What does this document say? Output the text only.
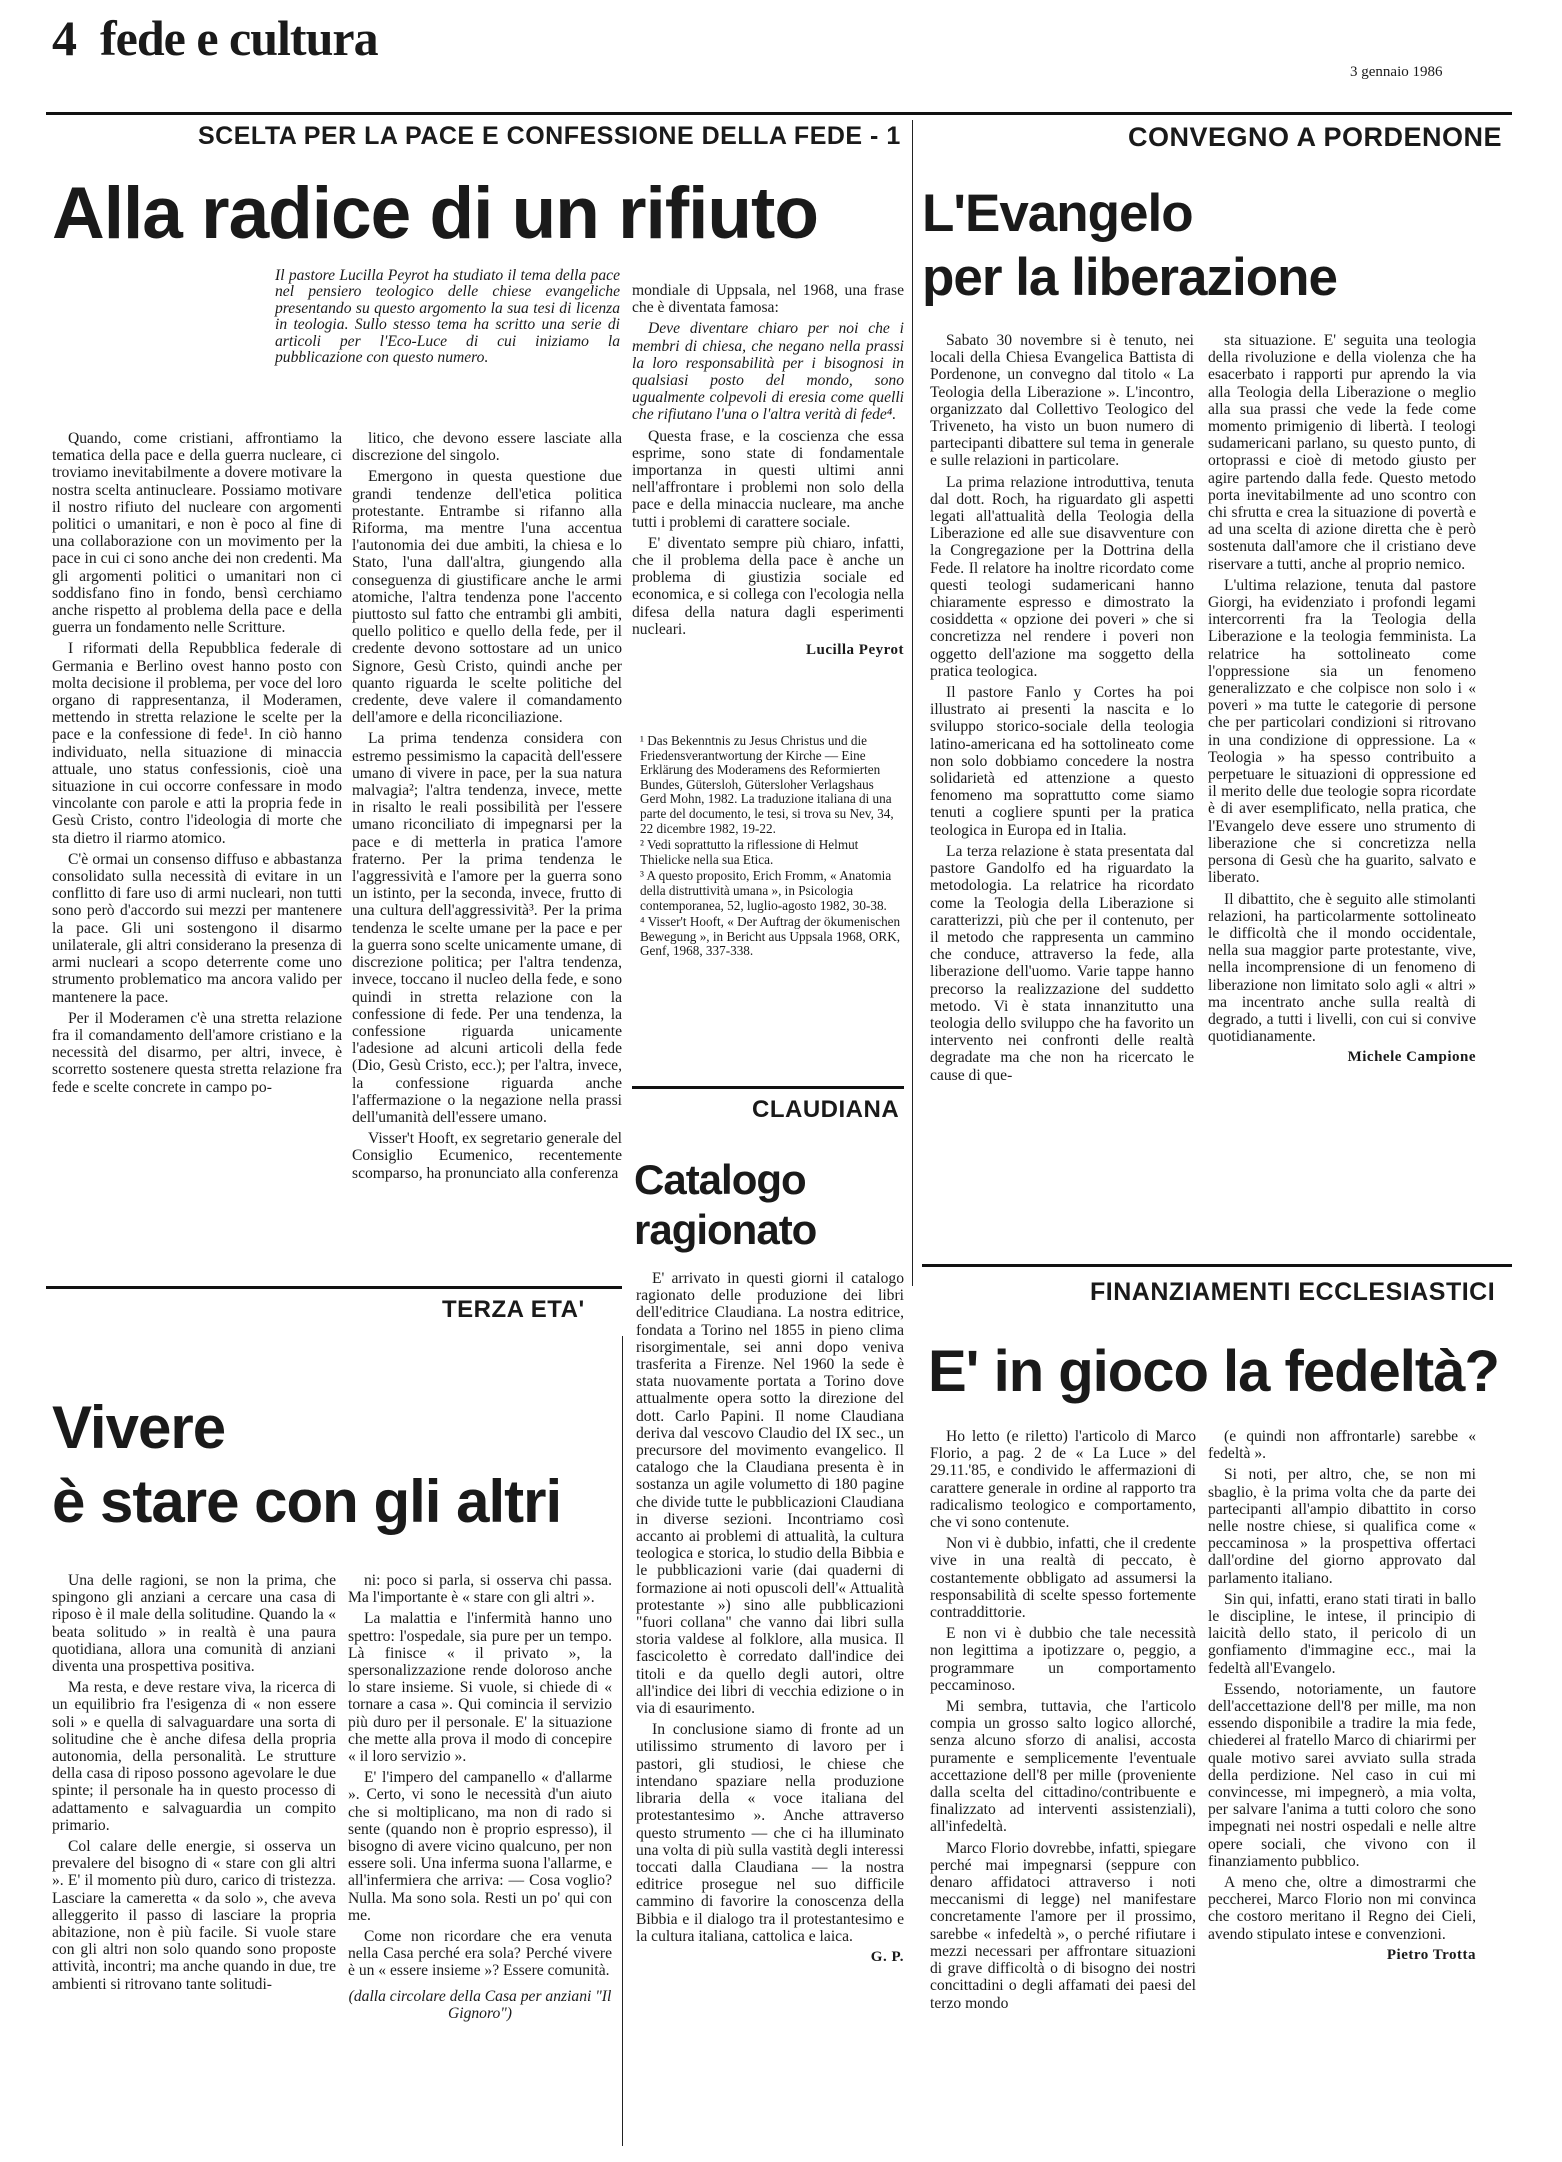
4 fede e cultura
3 gennaio 1986
SCELTA PER LA PACE E CONFESSIONE DELLA FEDE - 1
Alla radice di un rifiuto
Il pastore Lucilla Peyrot ha studiato il tema della pace nel pensiero teologico delle chiese evangeliche presentando su questo argomento la sua tesi di licenza in teologia. Sullo stesso tema ha scritto una serie di articoli per l'Eco-Luce di cui iniziamo la pubblicazione con questo numero.

Quando, come cristiani, affrontiamo la tematica della pace e della guerra nucleare, ci troviamo inevitabilmente a dovere motivare la nostra scelta antinucleare. Possiamo motivare il nostro rifiuto del nucleare con argomenti politici o umanitari, e non è poco al fine di una collaborazione con un movimento per la pace in cui ci sono anche dei non credenti. Ma gli argomenti politici o umanitari non ci soddisfano fino in fondo, bensì cerchiamo anche rispetto al problema della pace e della guerra un fondamento nelle Scritture.

I riformati della Repubblica federale di Germania e Berlino ovest hanno posto con molta decisione il problema, per voce del loro organo di rappresentanza, il Moderamen, mettendo in stretta relazione le scelte per la pace e la confessione di fede¹. In ciò hanno individuato, nella situazione di minaccia attuale, uno status confessionis, cioè una situazione in cui occorre confessare in modo vincolante con parole e atti la propria fede in Gesù Cristo, contro l'ideologia di morte che sta dietro il riarmo atomico.

C'è ormai un consenso diffuso e abbastanza consolidato sulla necessità di evitare in un conflitto di fare uso di armi nucleari, non tutti sono però d'accordo sui mezzi per mantenere la pace. Gli uni sostengono il disarmo unilaterale, gli altri considerano la presenza di armi nucleari a scopo deterrente come uno strumento problematico ma ancora valido per mantenere la pace.

Per il Moderamen c'è una stretta relazione fra il comandamento dell'amore cristiano e la necessità del disarmo, per altri, invece, è scorretto sostenere questa stretta relazione fra fede e scelte concrete in campo po-

litico, che devono essere lasciate alla discrezione del singolo.

Emergono in questa questione due grandi tendenze dell'etica politica protestante. Entrambe si rifanno alla Riforma, ma mentre l'una accentua l'autonomia dei due ambiti, la chiesa e lo Stato, l'una dall'altra, giungendo alla conseguenza di giustificare anche le armi atomiche, l'altra tendenza pone l'accento piuttosto sul fatto che entrambi gli ambiti, quello politico e quello della fede, per il credente devono sottostare ad un unico Signore, Gesù Cristo, quindi anche per quanto riguarda le scelte politiche del credente, deve valere il comandamento dell'amore e della riconciliazione.

La prima tendenza considera con estremo pessimismo la capacità dell'essere umano di vivere in pace, per la sua natura malvagia²; l'altra tendenza, invece, mette in risalto le reali possibilità per l'essere umano riconciliato di impegnarsi per la pace e di metterla in pratica l'amore fraterno. Per la prima tendenza le l'aggressività e l'amore per la guerra sono un istinto, per la seconda, invece, frutto di una cultura dell'aggressività³. Per la prima tendenza le scelte umane per la pace e per la guerra sono scelte unicamente umane, di discrezione politica; per l'altra tendenza, invece, toccano il nucleo della fede, e sono quindi in stretta relazione con la confessione di fede. Per una tendenza, la confessione riguarda unicamente l'adesione ad alcuni articoli della fede (Dio, Gesù Cristo, ecc.); per l'altra, invece, la confessione riguarda anche l'affermazione o la negazione nella prassi dell'umanità dell'essere umano.

Visser't Hooft, ex segretario generale del Consiglio Ecumenico, recentemente scomparso, ha pronunciato alla conferenza

mondiale di Uppsala, nel 1968, una frase che è diventata famosa:

Deve diventare chiaro per noi che i membri di chiesa, che negano nella prassi la loro responsabilità per i bisognosi in qualsiasi posto del mondo, sono ugualmente colpevoli di eresia come quelli che rifiutano l'una o l'altra verità di fede⁴.

Questa frase, e la coscienza che essa esprime, sono state di fondamentale importanza in questi ultimi anni nell'affrontare i problemi non solo della pace e della minaccia nucleare, ma anche tutti i problemi di carattere sociale.

E' diventato sempre più chiaro, infatti, che il problema della pace è anche un problema di giustizia sociale ed economica, e si collega con l'ecologia nella difesa della natura dagli esperimenti nucleari.

Lucilla Peyrot
¹ Das Bekenntnis zu Jesus Christus und die Friedensverantwortung der Kirche — Eine Erklärung des Moderamens des Reformierten Bundes, Gütersloh, Gütersloher Verlagshaus Gerd Mohn, 1982. La traduzione italiana di una parte del documento, le tesi, si trova su Nev, 34, 22 dicembre 1982, 19-22.
² Vedi soprattutto la riflessione di Helmut Thielicke nella sua Etica.
³ A questo proposito, Erich Fromm, « Anatomia della distruttività umana », in Psicologia contemporanea, 52, luglio-agosto 1982, 30-38.
⁴ Visser't Hooft, « Der Auftrag der ökumenischen Bewegung », in Bericht aus Uppsala 1968, ORK, Genf, 1968, 337-338.
CONVEGNO A PORDENONE
L'Evangelo
per la liberazione

Sabato 30 novembre si è tenuto, nei locali della Chiesa Evangelica Battista di Pordenone, un convegno dal titolo « La Teologia della Liberazione ». L'incontro, organizzato dal Collettivo Teologico del Triveneto, ha visto un buon numero di partecipanti dibattere sul tema in generale e sulle relazioni in particolare.

La prima relazione introduttiva, tenuta dal dott. Roch, ha riguardato gli aspetti legati all'attualità della Teologia della Liberazione ed alle sue disavventure con la Congregazione per la Dottrina della Fede. Il relatore ha inoltre ricordato come questi teologi sudamericani hanno chiaramente espresso e dimostrato la cosiddetta « opzione dei poveri » che si concretizza nel rendere i poveri non oggetto dell'azione ma soggetto della pratica teologica.

Il pastore Fanlo y Cortes ha poi illustrato ai presenti la nascita e lo sviluppo storico-sociale della teologia latino-americana ed ha sottolineato come non solo dobbiamo concedere la nostra solidarietà ed attenzione a questo fenomeno ma soprattutto come siamo tenuti a cogliere spunti per la pratica teologica in Europa ed in Italia.

La terza relazione è stata presentata dal pastore Gandolfo ed ha riguardato la metodologia. La relatrice ha ricordato come la Teologia della Liberazione si caratterizzi, più che per il contenuto, per il metodo che rappresenta un cammino che conduce, attraverso la fede, alla liberazione dell'uomo. Varie tappe hanno precorso la realizzazione del suddetto metodo. Vi è stata innanzitutto una teologia dello sviluppo che ha favorito un intervento nei confronti delle realtà degradate ma che non ha ricercato le cause di que-

sta situazione. E' seguita una teologia della rivoluzione e della violenza che ha esacerbato i rapporti pur aprendo la via alla Teologia della Liberazione o meglio alla sua prassi che vede la fede come momento primigenio di libertà. I teologi sudamericani parlano, su questo punto, di ortoprassi e cioè di metodo giusto per agire partendo dalla fede. Questo metodo porta inevitabilmente ad uno scontro con chi sfrutta e crea la situazione di povertà e ad una scelta di azione diretta che è però sostenuta dall'amore che il cristiano deve riservare a tutti, anche al proprio nemico.

L'ultima relazione, tenuta dal pastore Giorgi, ha evidenziato i profondi legami intercorrenti fra la Teologia della Liberazione e la teologia femminista. La relatrice ha sottolineato come l'oppressione sia un fenomeno generalizzato e che colpisce non solo i « poveri » ma tutte le categorie di persone che per particolari condizioni si ritrovano in una condizione di oppressione. La « Teologia » ha spesso contribuito a perpetuare le situazioni di oppressione ed il merito delle due teologie sopra ricordate è di aver esemplificato, nella pratica, che l'Evangelo deve essere uno strumento di liberazione che si concretizza nella persona di Gesù che ha guarito, salvato e liberato.

Il dibattito, che è seguito alle stimolanti relazioni, ha particolarmente sottolineato le difficoltà che il mondo occidentale, nella sua maggior parte protestante, vive, nella incomprensione di un fenomeno di liberazione non limitato solo agli « altri » ma incentrato anche sulla realtà di degrado, a tutti i livelli, con cui si convive quotidianamente.

Michele Campione
CLAUDIANA
Catalogo
ragionato

E' arrivato in questi giorni il catalogo ragionato delle produzione dei libri dell'editrice Claudiana. La nostra editrice, fondata a Torino nel 1855 in pieno clima risorgimentale, sei anni dopo veniva trasferita a Firenze. Nel 1960 la sede è stata nuovamente portata a Torino dove attualmente opera sotto la direzione del dott. Carlo Papini. Il nome Claudiana deriva dal vescovo Claudio del IX sec., un precursore del movimento evangelico. Il catalogo che la Claudiana presenta è in sostanza un agile volumetto di 180 pagine che divide tutte le pubblicazioni Claudiana in diverse sezioni. Incontriamo così accanto ai problemi di attualità, la cultura teologica e storica, lo studio della Bibbia e le pubblicazioni varie (dai quaderni di formazione ai noti opuscoli dell'« Attualità protestante ») sino alle pubblicazioni "fuori collana" che vanno dai libri sulla storia valdese al folklore, alla musica. Il fascicoletto è corredato dall'indice dei titoli e da quello degli autori, oltre all'indice dei libri di vecchia edizione o in via di esaurimento.

In conclusione siamo di fronte ad un utilissimo strumento di lavoro per i pastori, gli studiosi, le chiese che intendano spaziare nella produzione libraria della « voce italiana del protestantesimo ». Anche attraverso questo strumento — che ci ha illuminato una volta di più sulla vastità degli interessi toccati dalla Claudiana — la nostra editrice prosegue nel suo difficile cammino di favorire la conoscenza della Bibbia e il dialogo tra il protestantesimo e la cultura italiana, cattolica e laica.

G. P.
TERZA ETA'
Vivere
è stare con gli altri

Una delle ragioni, se non la prima, che spingono gli anziani a cercare una casa di riposo è il male della solitudine. Quando la « beata solitudo » in realtà è una paura quotidiana, allora una comunità di anziani diventa una prospettiva positiva.

Ma resta, e deve restare viva, la ricerca di un equilibrio fra l'esigenza di « non essere soli » e quella di salvaguardare una sorta di solitudine che è anche difesa della propria autonomia, della personalità. Le strutture della casa di riposo possono agevolare le due spinte; il personale ha in questo processo di adattamento e salvaguardia un compito primario.

Col calare delle energie, si osserva un prevalere del bisogno di « stare con gli altri ». E' il momento più duro, carico di tristezza. Lasciare la cameretta « da solo », che aveva alleggerito il passo di lasciare la propria abitazione, non è più facile. Si vuole stare con gli altri non solo quando sono proposte attività, incontri; ma anche quando in due, tre ambienti si ritrovano tante solitudi-

ni: poco si parla, si osserva chi passa. Ma l'importante è « stare con gli altri ».

La malattia e l'infermità hanno uno spettro: l'ospedale, sia pure per un tempo. Là finisce « il privato », la spersonalizzazione rende doloroso anche lo stare insieme. Si vuole, si chiede di « tornare a casa ». Qui comincia il servizio più duro per il personale. E' la situazione che mette alla prova il modo di concepire « il loro servizio ».

E' l'impero del campanello « d'allarme ». Certo, vi sono le necessità d'un aiuto che si moltiplicano, ma non di rado si sente (quando non è proprio espresso), il bisogno di avere vicino qualcuno, per non essere soli. Una inferma suona l'allarme, e all'infermiera che arriva: — Cosa voglio? Nulla. Ma sono sola. Resti un po' qui con me.

Come non ricordare che era venuta nella Casa perché era sola? Perché vivere è un « essere insieme »? Essere comunità.

(dalla circolare della Casa per anziani "Il Gignoro")
FINANZIAMENTI ECCLESIASTICI
E' in gioco la fedeltà?

Ho letto (e riletto) l'articolo di Marco Florio, a pag. 2 de « La Luce » del 29.11.'85, e condivido le affermazioni di carattere generale in ordine al rapporto tra radicalismo teologico e comportamento, che vi sono contenute.

Non vi è dubbio, infatti, che il credente vive in una realtà di peccato, è costantemente obbligato ad assumersi la responsabilità di scelte spesso fortemente contraddittorie.

E non vi è dubbio che tale necessità non legittima a ipotizzare o, peggio, a programmare un comportamento peccaminoso.

Mi sembra, tuttavia, che l'articolo compia un grosso salto logico allorché, senza alcuno sforzo di analisi, accosta puramente e semplicemente l'eventuale accettazione dell'8 per mille (proveniente dalla scelta del cittadino/contribuente e finalizzato ad interventi assistenziali), all'infedeltà.

Marco Florio dovrebbe, infatti, spiegare perché mai impegnarsi (seppure con denaro affidatoci attraverso i noti meccanismi di legge) nel manifestare concretamente l'amore per il prossimo, sarebbe « infedeltà », o perché rifiutare i mezzi necessari per affrontare situazioni di grave difficoltà o di bisogno dei nostri concittadini o degli affamati dei paesi del terzo mondo

(e quindi non affrontarle) sarebbe « fedeltà ».

Si noti, per altro, che, se non mi sbaglio, è la prima volta che da parte dei partecipanti all'ampio dibattito in corso nelle nostre chiese, si qualifica come « peccaminosa » la prospettiva offertaci dall'ordine del giorno approvato dal parlamento italiano.

Sin qui, infatti, erano stati tirati in ballo le discipline, le intese, il principio di laicità dello stato, il pericolo di un gonfiamento d'immagine ecc., mai la fedeltà all'Evangelo.

Essendo, notoriamente, un fautore dell'accettazione dell'8 per mille, ma non essendo disponibile a tradire la mia fede, chiederei al fratello Marco di chiarirmi per quale motivo sarei avviato sulla strada della perdizione. Nel caso in cui mi convincesse, mi impegnerò, a mia volta, per salvare l'anima a tutti coloro che sono impegnati nei nostri ospedali e nelle altre opere sociali, che vivono con il finanziamento pubblico.

A meno che, oltre a dimostrarmi che peccherei, Marco Florio non mi convinca che costoro meritano il Regno dei Cieli, avendo stipulato intese e convenzioni.

Pietro Trotta
